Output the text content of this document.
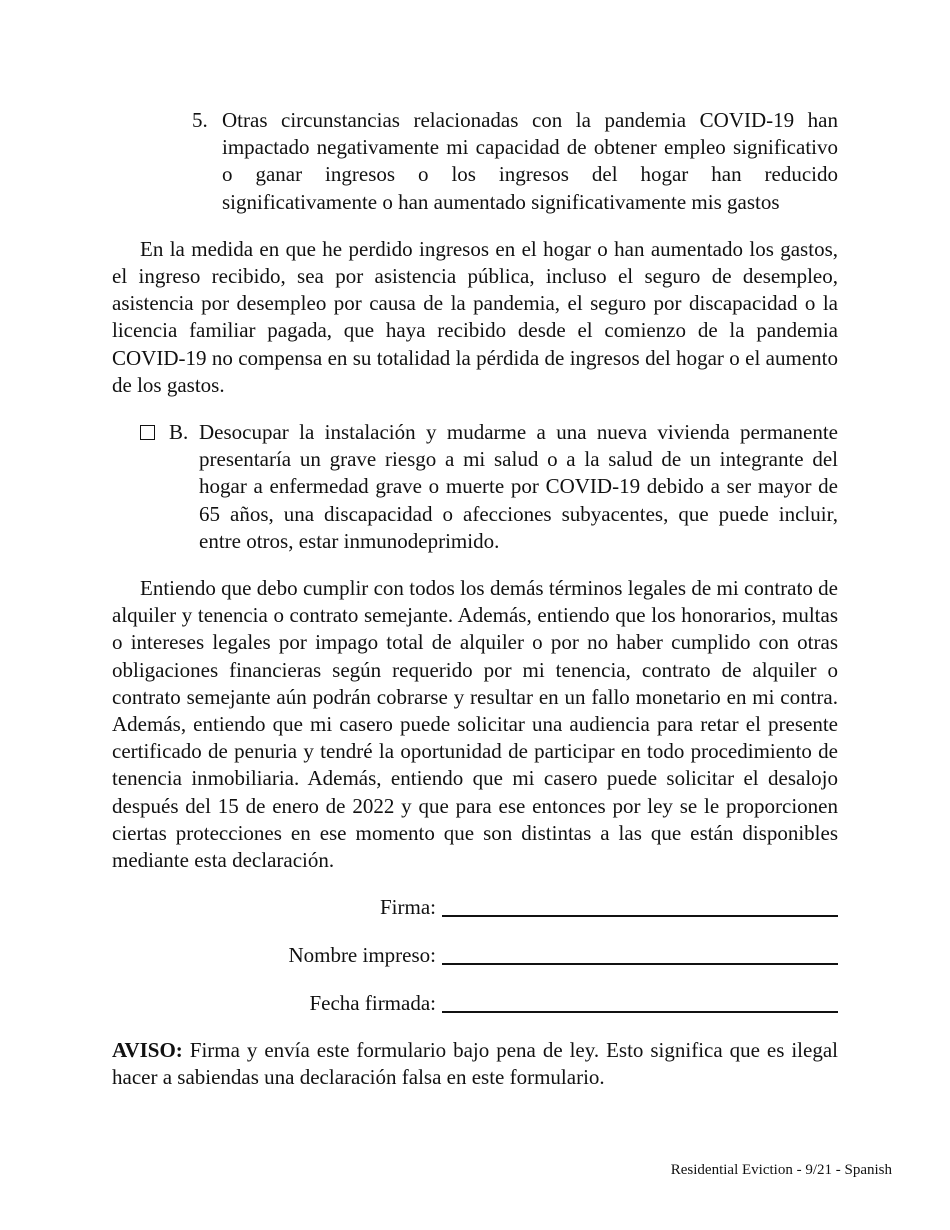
5. Otras circunstancias relacionadas con la pandemia COVID-19 han impactado negativamente mi capacidad de obtener empleo significativo o ganar ingresos o los ingresos del hogar han reducido significativamente o han aumentado significativamente mis gastos

En la medida en que he perdido ingresos en el hogar o han aumentado los gastos, el ingreso recibido, sea por asistencia pública, incluso el seguro de desempleo, asistencia por desempleo por causa de la pandemia, el seguro por discapacidad o la licencia familiar pagada, que haya recibido desde el comienzo de la pandemia COVID-19 no compensa en su totalidad la pérdida de ingresos del hogar o el aumento de los gastos.

B. Desocupar la instalación y mudarme a una nueva vivienda permanente presentaría un grave riesgo a mi salud o a la salud de un integrante del hogar a enfermedad grave o muerte por COVID-19 debido a ser mayor de 65 años, una discapacidad o afecciones subyacentes, que puede incluir, entre otros, estar inmunodeprimido.

Entiendo que debo cumplir con todos los demás términos legales de mi contrato de alquiler y tenencia o contrato semejante. Además, entiendo que los honorarios, multas o intereses legales por impago total de alquiler o por no haber cumplido con otras obligaciones financieras según requerido por mi tenencia, contrato de alquiler o contrato semejante aún podrán cobrarse y resultar en un fallo monetario en mi contra. Además, entiendo que mi casero puede solicitar una audiencia para retar el presente certificado de penuria y tendré la oportunidad de participar en todo procedimiento de tenencia inmobiliaria. Además, entiendo que mi casero puede solicitar el desalojo después del 15 de enero de 2022 y que para ese entonces por ley se le proporcionen ciertas protecciones en ese momento que son distintas a las que están disponibles mediante esta declaración.

Firma:
Nombre impreso:
Fecha firmada:

AVISO: Firma y envía este formulario bajo pena de ley. Esto significa que es ilegal hacer a sabiendas una declaración falsa en este formulario.

Residential Eviction - 9/21 - Spanish
